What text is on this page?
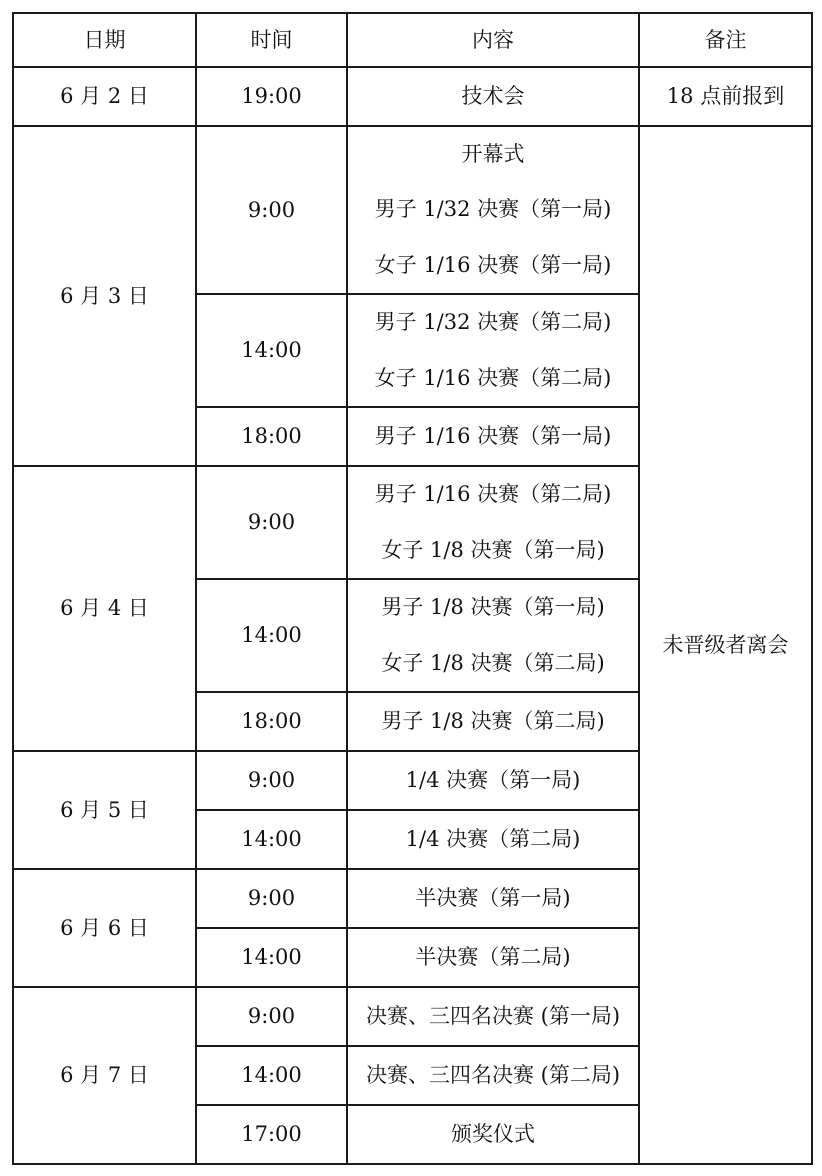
日期	时间	内容	备注	
6 月 2 日	19:00	技术会	18 点前报到	
6 月 3 日	9:00	开幕式
男子 1/32 决赛（第一局)
女子 1/16 决赛（第一局)	未晋级者离会	
	14:00	男子 1/32 决赛（第二局)
女子 1/16 决赛（第二局)		

	18:00	男子 1/16 决赛（第一局)		
6 月 4 日	9:00	男子 1/16 决赛（第二局)
女子 1/8 决赛（第一局)		

	14:00	男子 1/8 决赛（第一局)
女子 1/8 决赛（第二局)		

	18:00	男子 1/8 决赛（第二局)		
6 月 5 日	9:00	1/4 决赛（第一局)		
	14:00	1/4 决赛（第二局)		
6 月 6 日	9:00	半决赛（第一局)		
	14:00	半决赛（第二局)		
6 月 7 日	9:00	决赛、三四名决赛 (第一局)		
	14:00	决赛、三四名决赛 (第二局)		
	17:00	颁奖仪式		
